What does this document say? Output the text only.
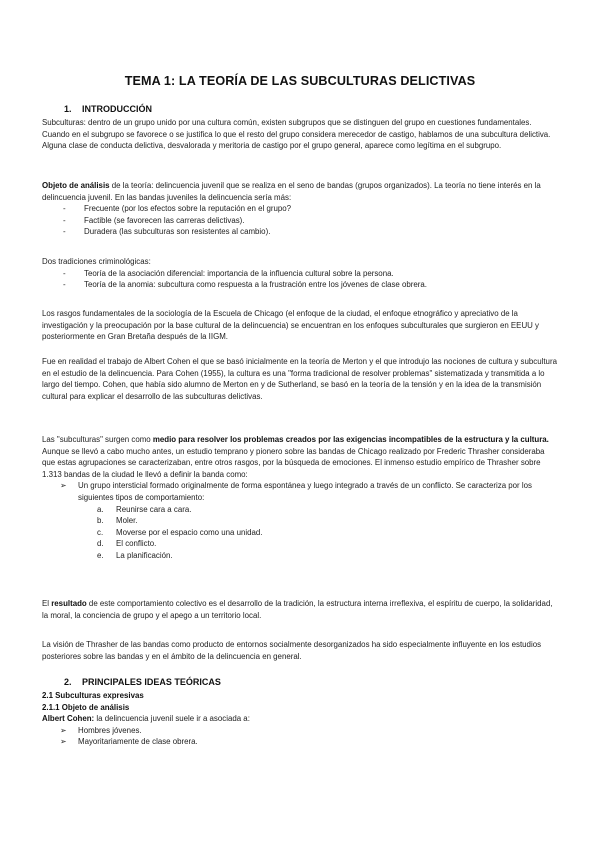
TEMA 1: LA TEORÍA DE LAS SUBCULTURAS DELICTIVAS
1. INTRODUCCIÓN

Subculturas: dentro de un grupo unido por una cultura común, existen subgrupos que se distinguen del grupo en cuestiones fundamentales. Cuando en el subgrupo se favorece o se justifica lo que el resto del grupo considera merecedor de castigo, hablamos de una subcultura delictiva. Alguna clase de conducta delictiva, desvalorada y meritoria de castigo por el grupo general, aparece como legítima en el subgrupo.

Objeto de análisis de la teoría: delincuencia juvenil que se realiza en el seno de bandas (grupos organizados). La teoría no tiene interés en la delincuencia juvenil. En las bandas juveniles la delincuencia sería más:

- Frecuente (por los efectos sobre la reputación en el grupo?
- Factible (se favorecen las carreras delictivas).
- Duradera (las subculturas son resistentes al cambio).

Dos tradiciones criminológicas:

- Teoría de la asociación diferencial: importancia de la influencia cultural sobre la persona.
- Teoría de la anomia: subcultura como respuesta a la frustración entre los jóvenes de clase obrera.

Los rasgos fundamentales de la sociología de la Escuela de Chicago (el enfoque de la ciudad, el enfoque etnográfico y apreciativo de la investigación y la preocupación por la base cultural de la delincuencia) se encuentran en los enfoques subculturales que surgieron en EEUU y posteriormente en Gran Bretaña después de la IIGM.

Fue en realidad el trabajo de Albert Cohen el que se basó inicialmente en la teoría de Merton y el que introdujo las nociones de cultura y subcultura en el estudio de la delincuencia. Para Cohen (1955), la cultura es una "forma tradicional de resolver problemas" sistematizada y transmitida a lo largo del tiempo. Cohen, que había sido alumno de Merton en y de Sutherland, se basó en la teoría de la tensión y en la idea de la transmisión cultural para explicar el desarrollo de las subculturas delictivas.

Las "subculturas" surgen como medio para resolver los problemas creados por las exigencias incompatibles de la estructura y la cultura. Aunque se llevó a cabo mucho antes, un estudio temprano y pionero sobre las bandas de Chicago realizado por Frederic Thrasher consideraba que estas agrupaciones se caracterizaban, entre otros rasgos, por la búsqueda de emociones. El inmenso estudio empírico de Thrasher sobre 1.313 bandas de la ciudad le llevó a definir la banda como:

➢ Un grupo intersticial formado originalmente de forma espontánea y luego integrado a través de un conflicto. Se caracteriza por los siguientes tipos de comportamiento:
a. Reunirse cara a cara.
b. Moler.
c. Moverse por el espacio como una unidad.
d. El conflicto.
e. La planificación.

El resultado de este comportamiento colectivo es el desarrollo de la tradición, la estructura interna irreflexiva, el espíritu de cuerpo, la solidaridad, la moral, la conciencia de grupo y el apego a un territorio local.

La visión de Thrasher de las bandas como producto de entornos socialmente desorganizados ha sido especialmente influyente en los estudios posteriores sobre las bandas y en el ámbito de la delincuencia en general.

2. PRINCIPALES IDEAS TEÓRICAS

2.1 Subculturas expresivas

2.1.1 Objeto de análisis

Albert Cohen: la delincuencia juvenil suele ir a asociada a:

➢ Hombres jóvenes.
➢ Mayoritariamente de clase obrera.
